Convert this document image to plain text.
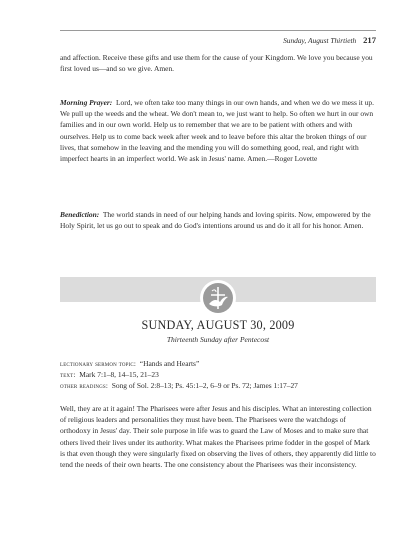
Sunday, August Thirtieth 217

and affection. Receive these gifts and use them for the cause of your Kingdom. We love you because you first loved us—and so we give. Amen.

Morning Prayer: Lord, we often take too many things in our own hands, and when we do we mess it up. We pull up the weeds and the wheat. We don't mean to, we just want to help. So often we hurt in our own families and in our own world. Help us to remember that we are to be patient with others and with ourselves. Help us to come back week after week and to leave before this altar the broken things of our lives, that somehow in the leaving and the mending you will do something good, real, and right with imperfect hearts in an imperfect world. We ask in Jesus' name. Amen.—Roger Lovette

Benediction: The world stands in need of our helping hands and loving spirits. Now, empowered by the Holy Spirit, let us go out to speak and do God's intentions around us and do it all for his honor. Amen.

SUNDAY, AUGUST 30, 2009
Thirteenth Sunday after Pentecost
lectionary sermon topic: “Hands and Hearts”
text: Mark 7:1–8, 14–15, 21–23
other readings: Song of Sol. 2:8–13; Ps. 45:1–2, 6–9 or Ps. 72; James 1:17–27

Well, they are at it again! The Pharisees were after Jesus and his disciples. What an interesting collection of religious leaders and personalities they must have been. The Pharisees were the watchdogs of orthodoxy in Jesus' day. Their sole purpose in life was to guard the Law of Moses and to make sure that others lived their lives under its authority. What makes the Pharisees prime fodder in the gospel of Mark is that even though they were singularly fixed on observing the lives of others, they apparently did little to tend the needs of their own hearts. The one consistency about the Pharisees was their inconsistency.
